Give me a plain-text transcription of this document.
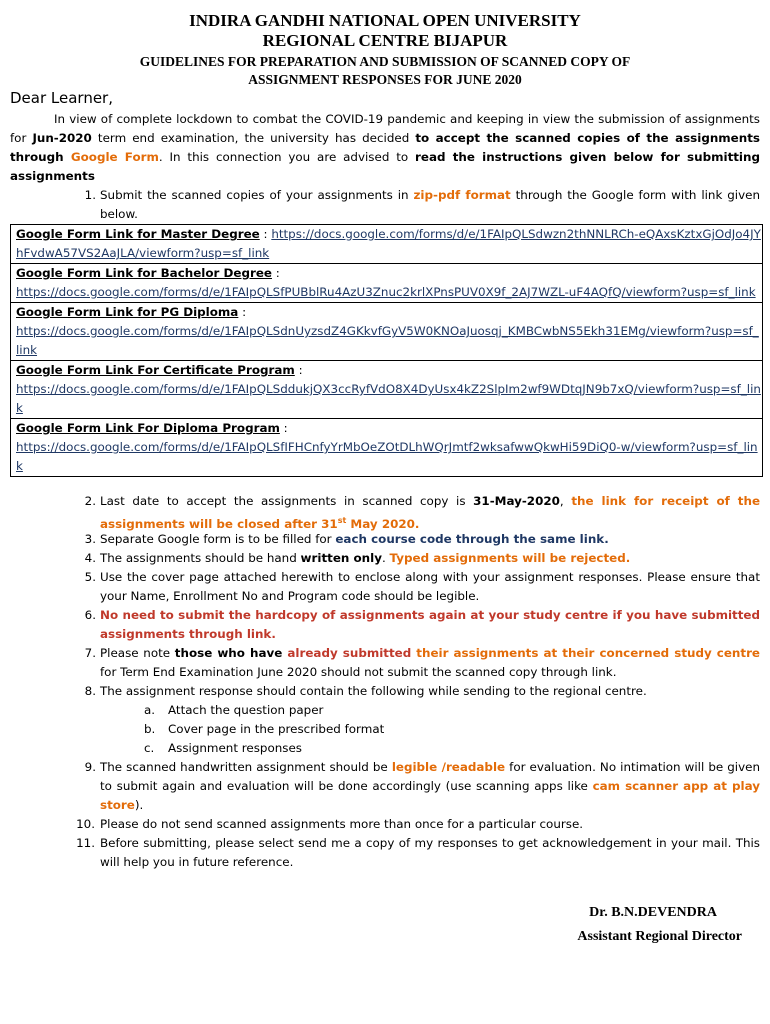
INDIRA GANDHI NATIONAL OPEN UNIVERSITY
REGIONAL CENTRE BIJAPUR
GUIDELINES FOR PREPARATION AND SUBMISSION OF SCANNED COPY OF
ASSIGNMENT RESPONSES FOR JUNE 2020
Dear Learner,
In view of complete lockdown to combat the COVID-19 pandemic and keeping in view the submission of assignments for Jun-2020 term end examination, the university has decided to accept the scanned copies of the assignments through Google Form. In this connection you are advised to read the instructions given below for submitting assignments
1. Submit the scanned copies of your assignments in zip-pdf format through the Google form with link given below.
Google Form Link for Master Degree : https://docs.google.com/forms/d/e/1FAIpQLSdwzn2thNNLRCh-eQAxsKztxGjOdJo4JYhFvdwA57VS2AaJLA/viewform?usp=sf_link
Google Form Link for Bachelor Degree :
https://docs.google.com/forms/d/e/1FAIpQLSfPUBblRu4AzU3Znuc2krlXPnsPUV0X9f_2AJ7WZL-uF4AQfQ/viewform?usp=sf_link
Google Form Link for PG Diploma :
https://docs.google.com/forms/d/e/1FAIpQLSdnUyzsdZ4GKkvfGyV5W0KNOaJuosqj_KMBCwbNS5Ekh31EMg/viewform?usp=sf_link
Google Form Link For Certificate Program :
https://docs.google.com/forms/d/e/1FAIpQLSddukjQX3ccRyfVdO8X4DyUsx4kZ2SlpIm2wf9WDtqJN9b7xQ/viewform?usp=sf_link
Google Form Link For Diploma Program :
https://docs.google.com/forms/d/e/1FAIpQLSfIFHCnfyYrMbOeZOtDLhWQrJmtf2wksafwwQkwHi59DiQ0-w/viewform?usp=sf_link
2. Last date to accept the assignments in scanned copy is 31-May-2020, the link for receipt of the assignments will be closed after 31st May 2020.
3. Separate Google form is to be filled for each course code through the same link.
4. The assignments should be hand written only. Typed assignments will be rejected.
5. Use the cover page attached herewith to enclose along with your assignment responses. Please ensure that your Name, Enrollment No and Program code should be legible.
6. No need to submit the hardcopy of assignments again at your study centre if you have submitted assignments through link.
7. Please note those who have already submitted their assignments at their concerned study centre for Term End Examination June 2020 should not submit the scanned copy through link.
8. The assignment response should contain the following while sending to the regional centre.
a. Attach the question paper
b. Cover page in the prescribed format
c. Assignment responses
9. The scanned handwritten assignment should be legible /readable for evaluation. No intimation will be given to submit again and evaluation will be done accordingly (use scanning apps like cam scanner app at play store).
10. Please do not send scanned assignments more than once for a particular course.
11. Before submitting, please select send me a copy of my responses to get acknowledgement in your mail. This will help you in future reference.
Dr. B.N.DEVENDRA
Assistant Regional Director
